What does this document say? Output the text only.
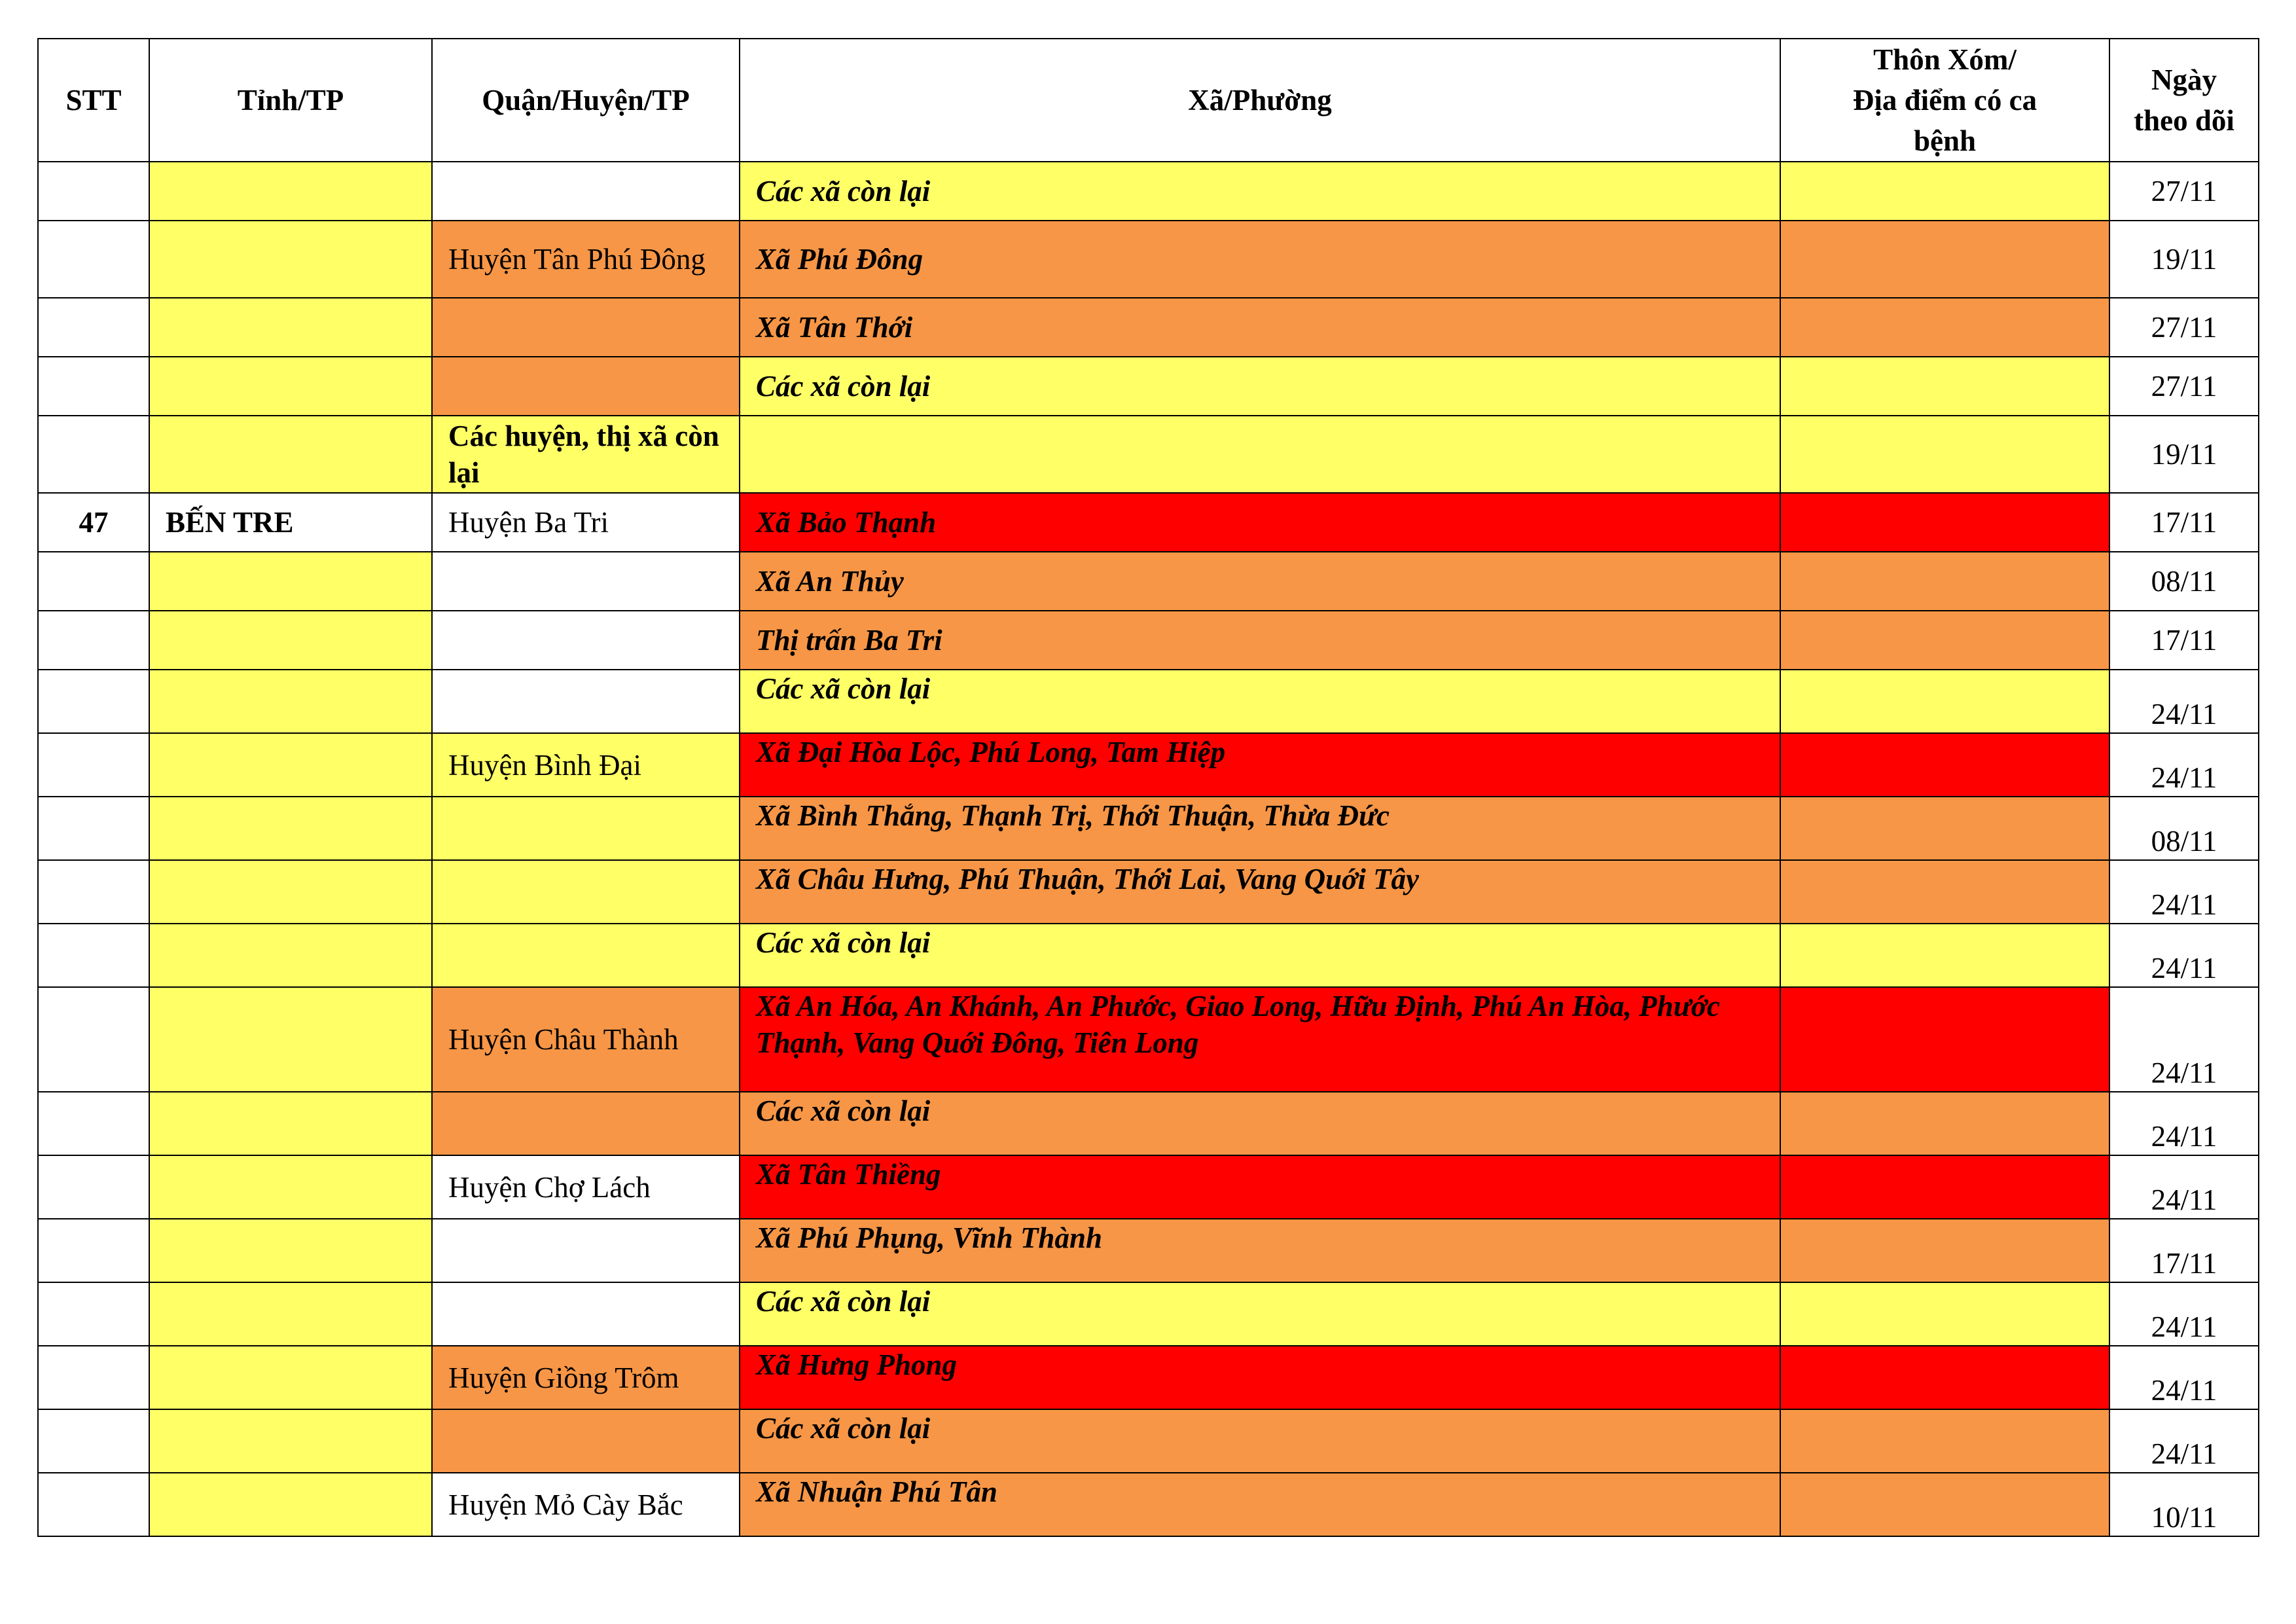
STT	Tỉnh/TP	Quận/Huyện/TP	Xã/Phường	Thôn Xóm/
Địa điểm có ca
bệnh	Ngày
theo dõi
			Các xã còn lại		27/11
		Huyện Tân Phú Đông	Xã Phú Đông		19/11
			Xã Tân Thới		27/11
			Các xã còn lại		27/11
		Các huyện, thị xã còn lại			19/11
47	BẾN TRE	Huyện Ba Tri	Xã Bảo Thạnh		17/11
			Xã An Thủy		08/11
			Thị trấn Ba Tri		17/11
			Các xã còn lại		24/11
		Huyện Bình Đại	Xã Đại Hòa Lộc, Phú Long, Tam Hiệp		24/11
			Xã Bình Thắng, Thạnh Trị, Thới Thuận, Thừa Đức		08/11
			Xã Châu Hưng, Phú Thuận, Thới Lai, Vang Quới Tây		24/11
			Các xã còn lại		24/11
		Huyện Châu Thành	Xã An Hóa, An Khánh, An Phước, Giao Long, Hữu Định, Phú An Hòa, Phước Thạnh, Vang Quới Đông, Tiên Long		24/11
			Các xã còn lại		24/11
		Huyện Chợ Lách	Xã Tân Thiềng		24/11
			Xã Phú Phụng, Vĩnh Thành		17/11
			Các xã còn lại		24/11
		Huyện Giồng Trôm	Xã Hưng Phong		24/11
			Các xã còn lại		24/11
		Huyện Mỏ Cày Bắc	Xã Nhuận Phú Tân		10/11
